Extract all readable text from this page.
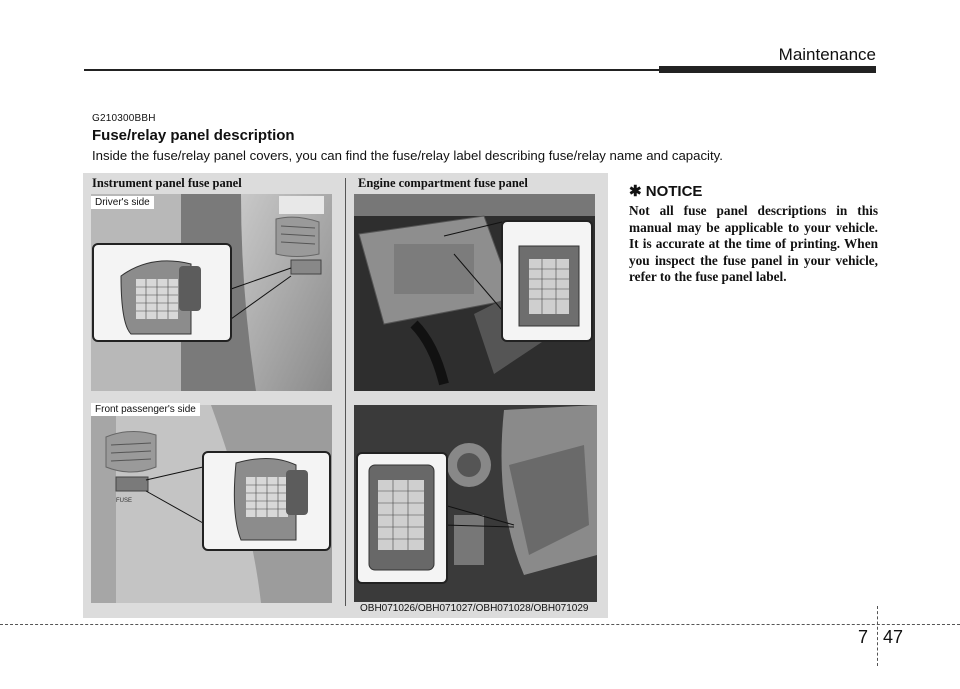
Maintenance
G210300BBH
Fuse/relay panel description
Inside the fuse/relay panel covers, you can find the fuse/relay label describing fuse/relay name and capacity.
Instrument panel fuse panel	Engine compartment fuse panel
Driver's side
FUSE
Front passenger's side
OBH071026/OBH071027/OBH071028/OBH071029
✱ NOTICE
Not all fuse panel descriptions in this manual may be applicable to your vehicle. It is accurate at the time of printing. When you inspect the fuse panel in your vehicle, refer to the fuse panel label.
7 47
